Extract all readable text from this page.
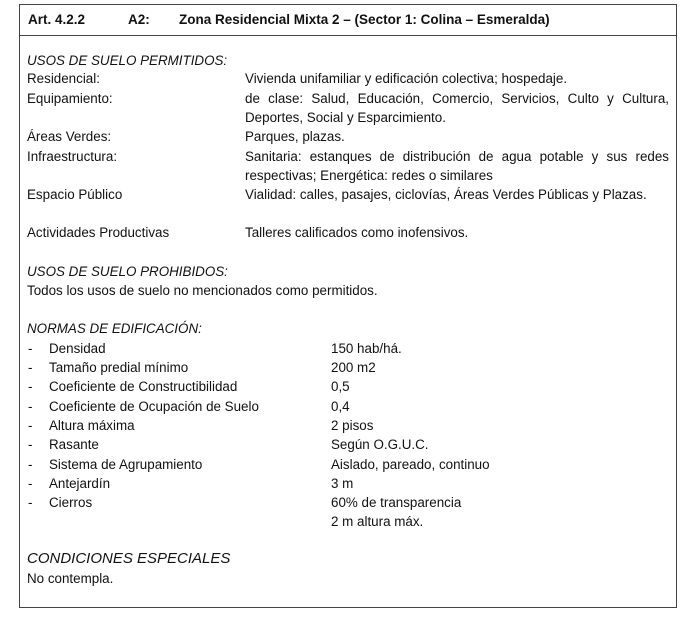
Art. 4.2.2	A2: Zona Residencial Mixta 2 – (Sector 1: Colina – Esmeralda)
USOS DE SUELO PERMITIDOS:
Residencial:	Vivienda unifamiliar y edificación colectiva; hospedaje.
Equipamiento:	de clase: Salud, Educación, Comercio, Servicios, Culto y Cultura, Deportes, Social y Esparcimiento.
Áreas Verdes:	Parques, plazas.
Infraestructura:	Sanitaria: estanques de distribución de agua potable y sus redes respectivas; Energética: redes o similares
Espacio Público	Vialidad: calles, pasajes, ciclovías, Áreas Verdes Públicas y Plazas.
Actividades Productivas	Talleres calificados como inofensivos.
USOS DE SUELO PROHIBIDOS:
Todos los usos de suelo no mencionados como permitidos.
NORMAS DE EDIFICACIÓN:
- Densidad	150 hab/há.
- Tamaño predial mínimo	200 m2
- Coeficiente de Constructibilidad	0,5
- Coeficiente de Ocupación de Suelo	0,4
- Altura máxima	2 pisos
- Rasante	Según O.G.U.C.
- Sistema de Agrupamiento	Aislado, pareado, continuo
- Antejardín	3 m
- Cierros	60% de transparencia
2 m altura máx.
CONDICIONES ESPECIALES
No contempla.
